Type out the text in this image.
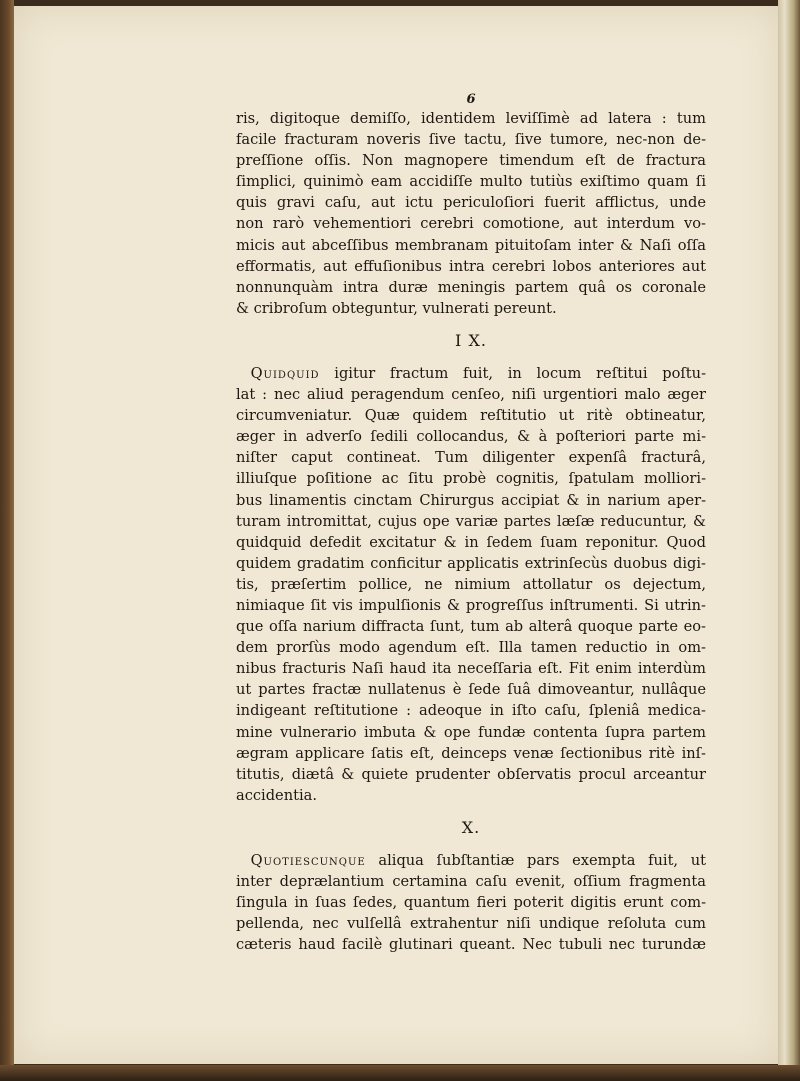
6
ris, digitoque demiſſo, identidem leviſſimè ad latera : tum
facile fracturam noveris ſive tactu, ſive tumore, nec-non de-
preſſione oſſis. Non magnopere timendum eſt de fractura
ſimplici, quinimò eam accidiſſe multo tutiùs exiſtimo quam ſi
quis gravi caſu, aut ictu periculoſiori fuerit afflictus, unde
non rarò vehementiori cerebri comotione, aut interdum vo-
micis aut abceſſibus membranam pituitoſam inter & Naſi oſſa
efformatis, aut effuſionibus intra cerebri lobos anteriores aut
nonnunquàm intra duræ meningis partem quâ os coronale
& cribroſum obteguntur, vulnerati pereunt.
I X.
 Quidquid igitur fractum fuit, in locum reſtitui poſtu-
lat : nec aliud peragendum cenſeo, niſi urgentiori malo æger
circumveniatur. Quæ quidem reſtitutio ut ritè obtineatur,
æger in adverſo ſedili collocandus, & à poſteriori parte mi-
niſter caput contineat. Tum diligenter expenſâ fracturâ,
illiuſque poſitione ac ſitu probè cognitis, ſpatulam molliori-
bus linamentis cinctam Chirurgus accipiat & in narium aper-
turam intromittat, cujus ope variæ partes læſæ reducuntur, &
quidquid defedit excitatur & in ſedem ſuam reponitur. Quod
quidem gradatim conficitur applicatis extrinſecùs duobus digi-
tis, præſertim pollice, ne nimium attollatur os dejectum,
nimiaque ſit vis impulſionis & progreſſus inſtrumenti. Si utrin-
que oſſa narium diffracta ſunt, tum ab alterâ quoque parte eo-
dem prorſùs modo agendum eſt. Illa tamen reductio in om-
nibus fracturis Naſi haud ita neceſſaria eſt. Fit enim interdùm
ut partes fractæ nullatenus è ſede ſuâ dimoveantur, nullâque
indigeant reſtitutione : adeoque in iſto caſu, ſpleniâ medica-
mine vulnerario imbuta & ope fundæ contenta ſupra partem
ægram applicare ſatis eſt, deinceps venæ ſectionibus ritè inſ-
titutis, diætâ & quiete prudenter obſervatis procul arceantur
accidentia.
X.
 Quotiescunque aliqua ſubſtantiæ pars exempta fuit, ut
inter deprælantium certamina caſu evenit, oſſium fragmenta
ſingula in ſuas ſedes, quantum fieri poterit digitis erunt com-
pellenda, nec vulſellâ extrahentur niſi undique reſoluta cum
cæteris haud facilè glutinari queant. Nec tubuli nec turundæ
